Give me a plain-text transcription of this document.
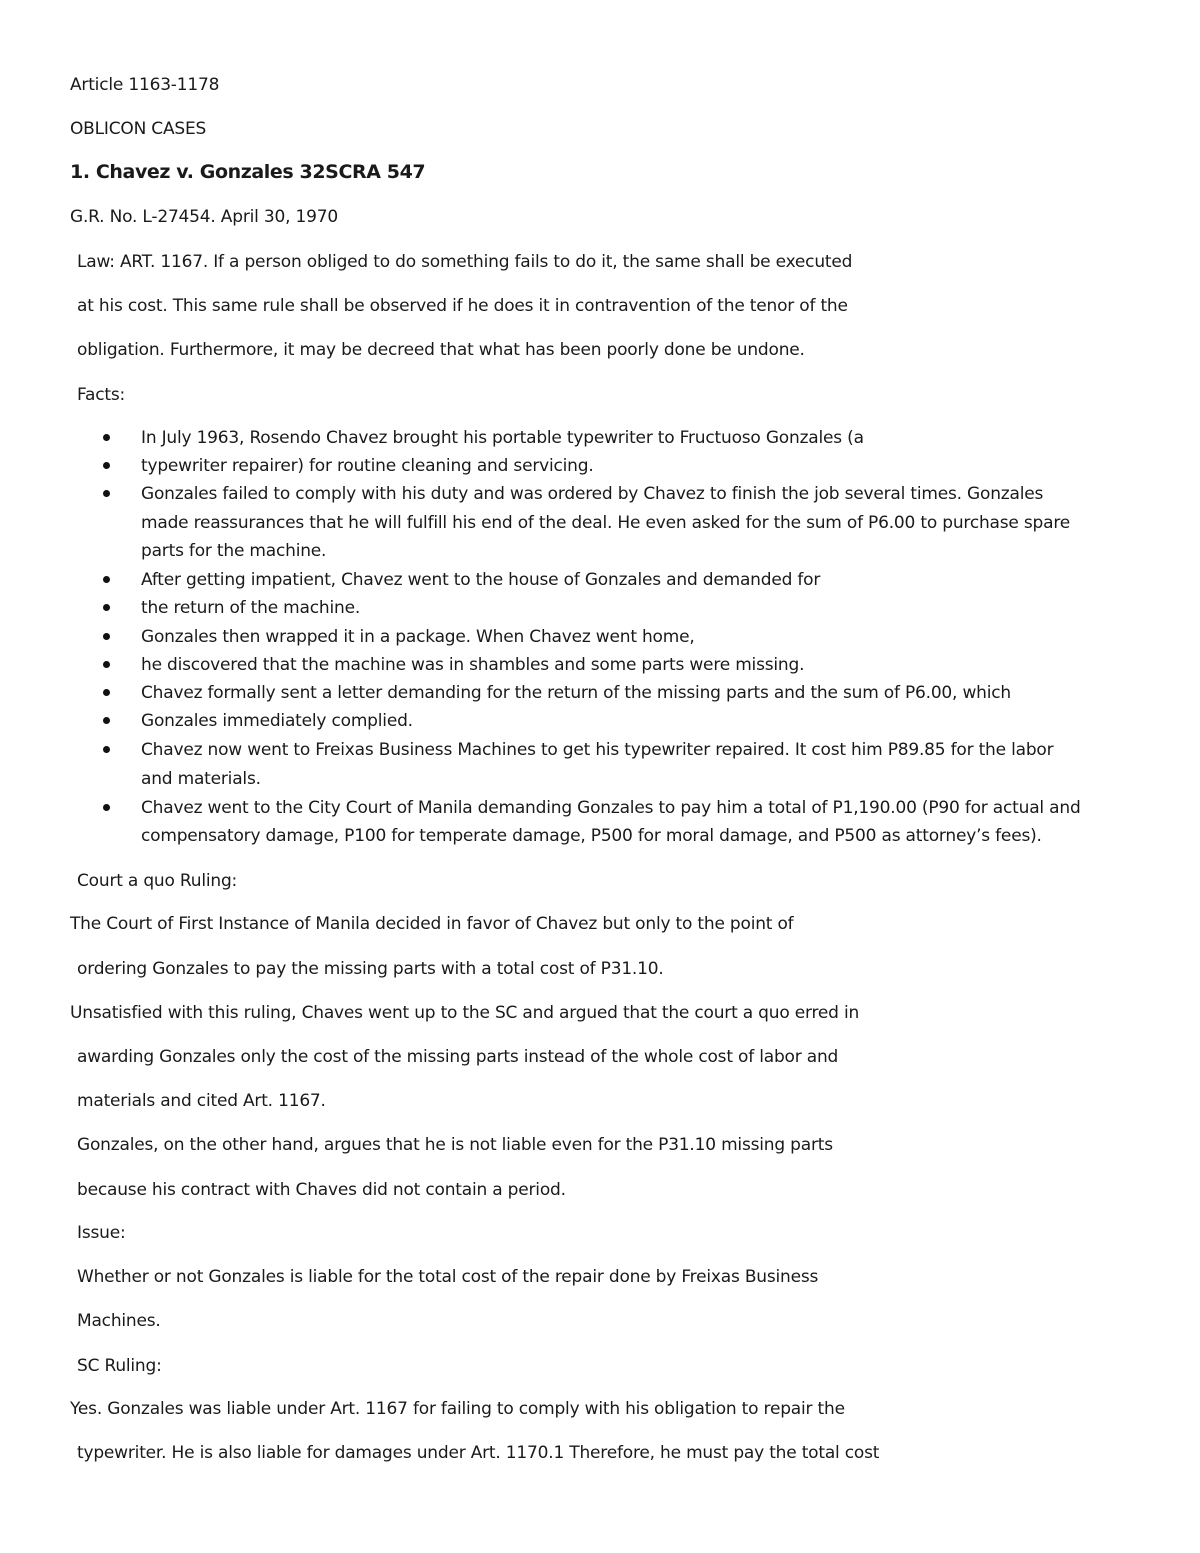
Article 1163-1178
OBLICON CASES
1. Chavez v. Gonzales 32SCRA 547
G.R. No. L-27454. April 30, 1970
Law: ART. 1167. If a person obliged to do something fails to do it, the same shall be executed
at his cost. This same rule shall be observed if he does it in contravention of the tenor of the
obligation. Furthermore, it may be decreed that what has been poorly done be undone.
Facts:
In July 1963, Rosendo Chavez brought his portable typewriter to Fructuoso Gonzales (a
typewriter repairer) for routine cleaning and servicing.
Gonzales failed to comply with his duty and was ordered by Chavez to finish the job several times. Gonzales
made reassurances that he will fulfill his end of the deal. He even asked for the sum of P6.00 to purchase spare
parts for the machine.
After getting impatient, Chavez went to the house of Gonzales and demanded for
the return of the machine.
Gonzales then wrapped it in a package. When Chavez went home,
he discovered that the machine was in shambles and some parts were missing.
Chavez formally sent a letter demanding for the return of the missing parts and the sum of P6.00, which
Gonzales immediately complied.
Chavez now went to Freixas Business Machines to get his typewriter repaired. It cost him P89.85 for the labor
and materials.
Chavez went to the City Court of Manila demanding Gonzales to pay him a total of P1,190.00 (P90 for actual and
compensatory damage, P100 for temperate damage, P500 for moral damage, and P500 as attorney’s fees).
Court a quo Ruling:
The Court of First Instance of Manila decided in favor of Chavez but only to the point of
ordering Gonzales to pay the missing parts with a total cost of P31.10.
Unsatisfied with this ruling, Chaves went up to the SC and argued that the court a quo erred in
awarding Gonzales only the cost of the missing parts instead of the whole cost of labor and
materials and cited Art. 1167.
Gonzales, on the other hand, argues that he is not liable even for the P31.10 missing parts
because his contract with Chaves did not contain a period.
Issue:
Whether or not Gonzales is liable for the total cost of the repair done by Freixas Business
Machines.
SC Ruling:
Yes. Gonzales was liable under Art. 1167 for failing to comply with his obligation to repair the
typewriter. He is also liable for damages under Art. 1170.1 Therefore, he must pay the total cost
